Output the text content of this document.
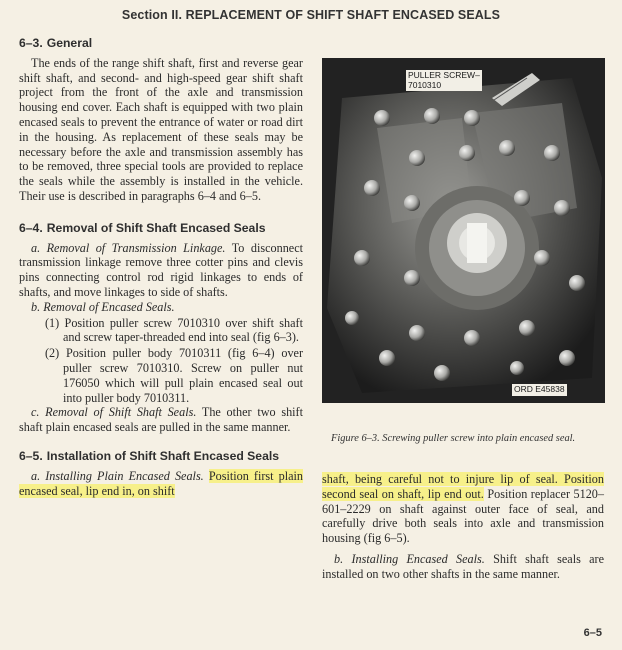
Section II. REPLACEMENT OF SHIFT SHAFT ENCASED SEALS
6–3. General

The ends of the range shift shaft, first and reverse gear shift shaft, and second- and high-speed gear shift shaft project from the front of the axle and transmission housing end cover. Each shaft is equipped with two plain encased seals to prevent the entrance of water or road dirt in the housing. As replacement of these seals may be necessary before the axle and transmission assembly has to be removed, three special tools are provided to replace the seals while the assembly is installed in the vehicle. Their use is described in paragraphs 6–4 and 6–5.

6–4. Removal of Shift Shaft Encased Seals

a. Removal of Transmission Linkage. To disconnect transmission linkage remove three cotter pins and clevis pins connecting control rod rigid linkages to ends of shafts, and move linkages to side of shafts.

b. Removal of Encased Seals.

(1) Position puller screw 7010310 over shift shaft and screw taper-threaded end into seal (fig 6–3).

(2) Position puller body 7010311 (fig 6–4) over puller screw 7010310. Screw on puller nut 176050 which will pull plain encased seal out into puller body 7010311.

c. Removal of Shift Shaft Seals. The other two shift shaft plain encased seals are pulled in the same manner.

6–5. Installation of Shift Shaft Encased Seals

a. Installing Plain Encased Seals. Position first plain encased seal, lip end in, on shift

PULLER SCREW–
7010310
ORD E45838
Figure 6–3. Screwing puller screw into plain encased seal.

shaft, being careful not to injure lip of seal. Position second seal on shaft, lip end out. Position replacer 5120–601–2229 on shaft against outer face of seal, and carefully drive both seals into axle and transmission housing (fig 6–5).

b. Installing Encased Seals. Shift shaft seals are installed on two other shafts in the same manner.

6–5
